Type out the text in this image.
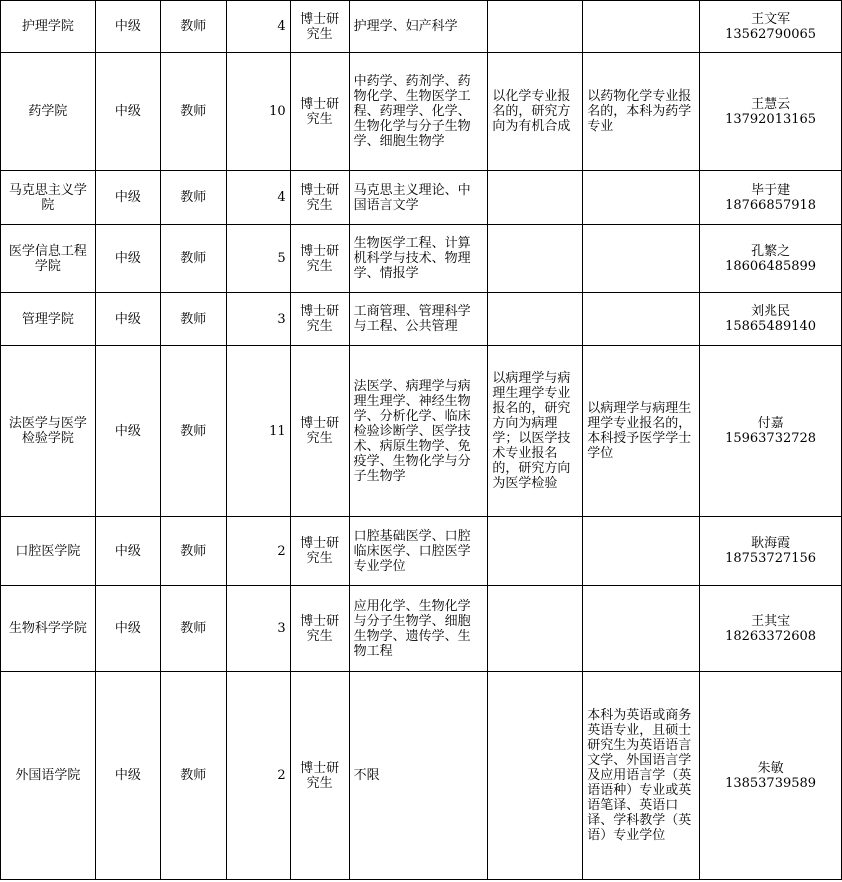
护理学院	中级	教师	4	博士研究生	护理学、妇产科学			王文军
13562790065

药学院	中级	教师	10	博士研究生	中药学、药剂学、药物化学、生物医学工程、药理学、化学、生物化学与分子生物学、细胞生物学	以化学专业报名的，研究方向为有机合成	以药物化学专业报名的，本科为药学专业	王慧云
13792013165

马克思主义学院	中级	教师	4	博士研究生	马克思主义理论、中国语言文学			毕于建
18766857918

医学信息工程学院	中级	教师	5	博士研究生	生物医学工程、计算机科学与技术、物理学、情报学			孔繁之
18606485899

管理学院	中级	教师	3	博士研究生	工商管理、管理科学与工程、公共管理			刘兆民
15865489140

法医学与医学检验学院	中级	教师	11	博士研究生	法医学、病理学与病理生理学、神经生物学、分析化学、临床检验诊断学、医学技术、病原生物学、免疫学、生物化学与分子生物学	以病理学与病理生理学专业报名的，研究方向为病理学；以医学技术专业报名的，研究方向为医学检验	以病理学与病理生理学专业报名的，本科授予医学学士学位	付嘉
15963732728

口腔医学院	中级	教师	2	博士研究生	口腔基础医学、口腔临床医学、口腔医学专业学位			耿海霞
18753727156

生物科学学院	中级	教师	3	博士研究生	应用化学、生物化学与分子生物学、细胞生物学、遗传学、生物工程			王其宝
18263372608

外国语学院	中级	教师	2	博士研究生	不限		本科为英语或商务英语专业，且硕士研究生为英语语言文学、外国语言学及应用语言学（英语语种）专业或英语笔译、英语口译、学科教学（英语）专业学位	朱敏
13853739589
